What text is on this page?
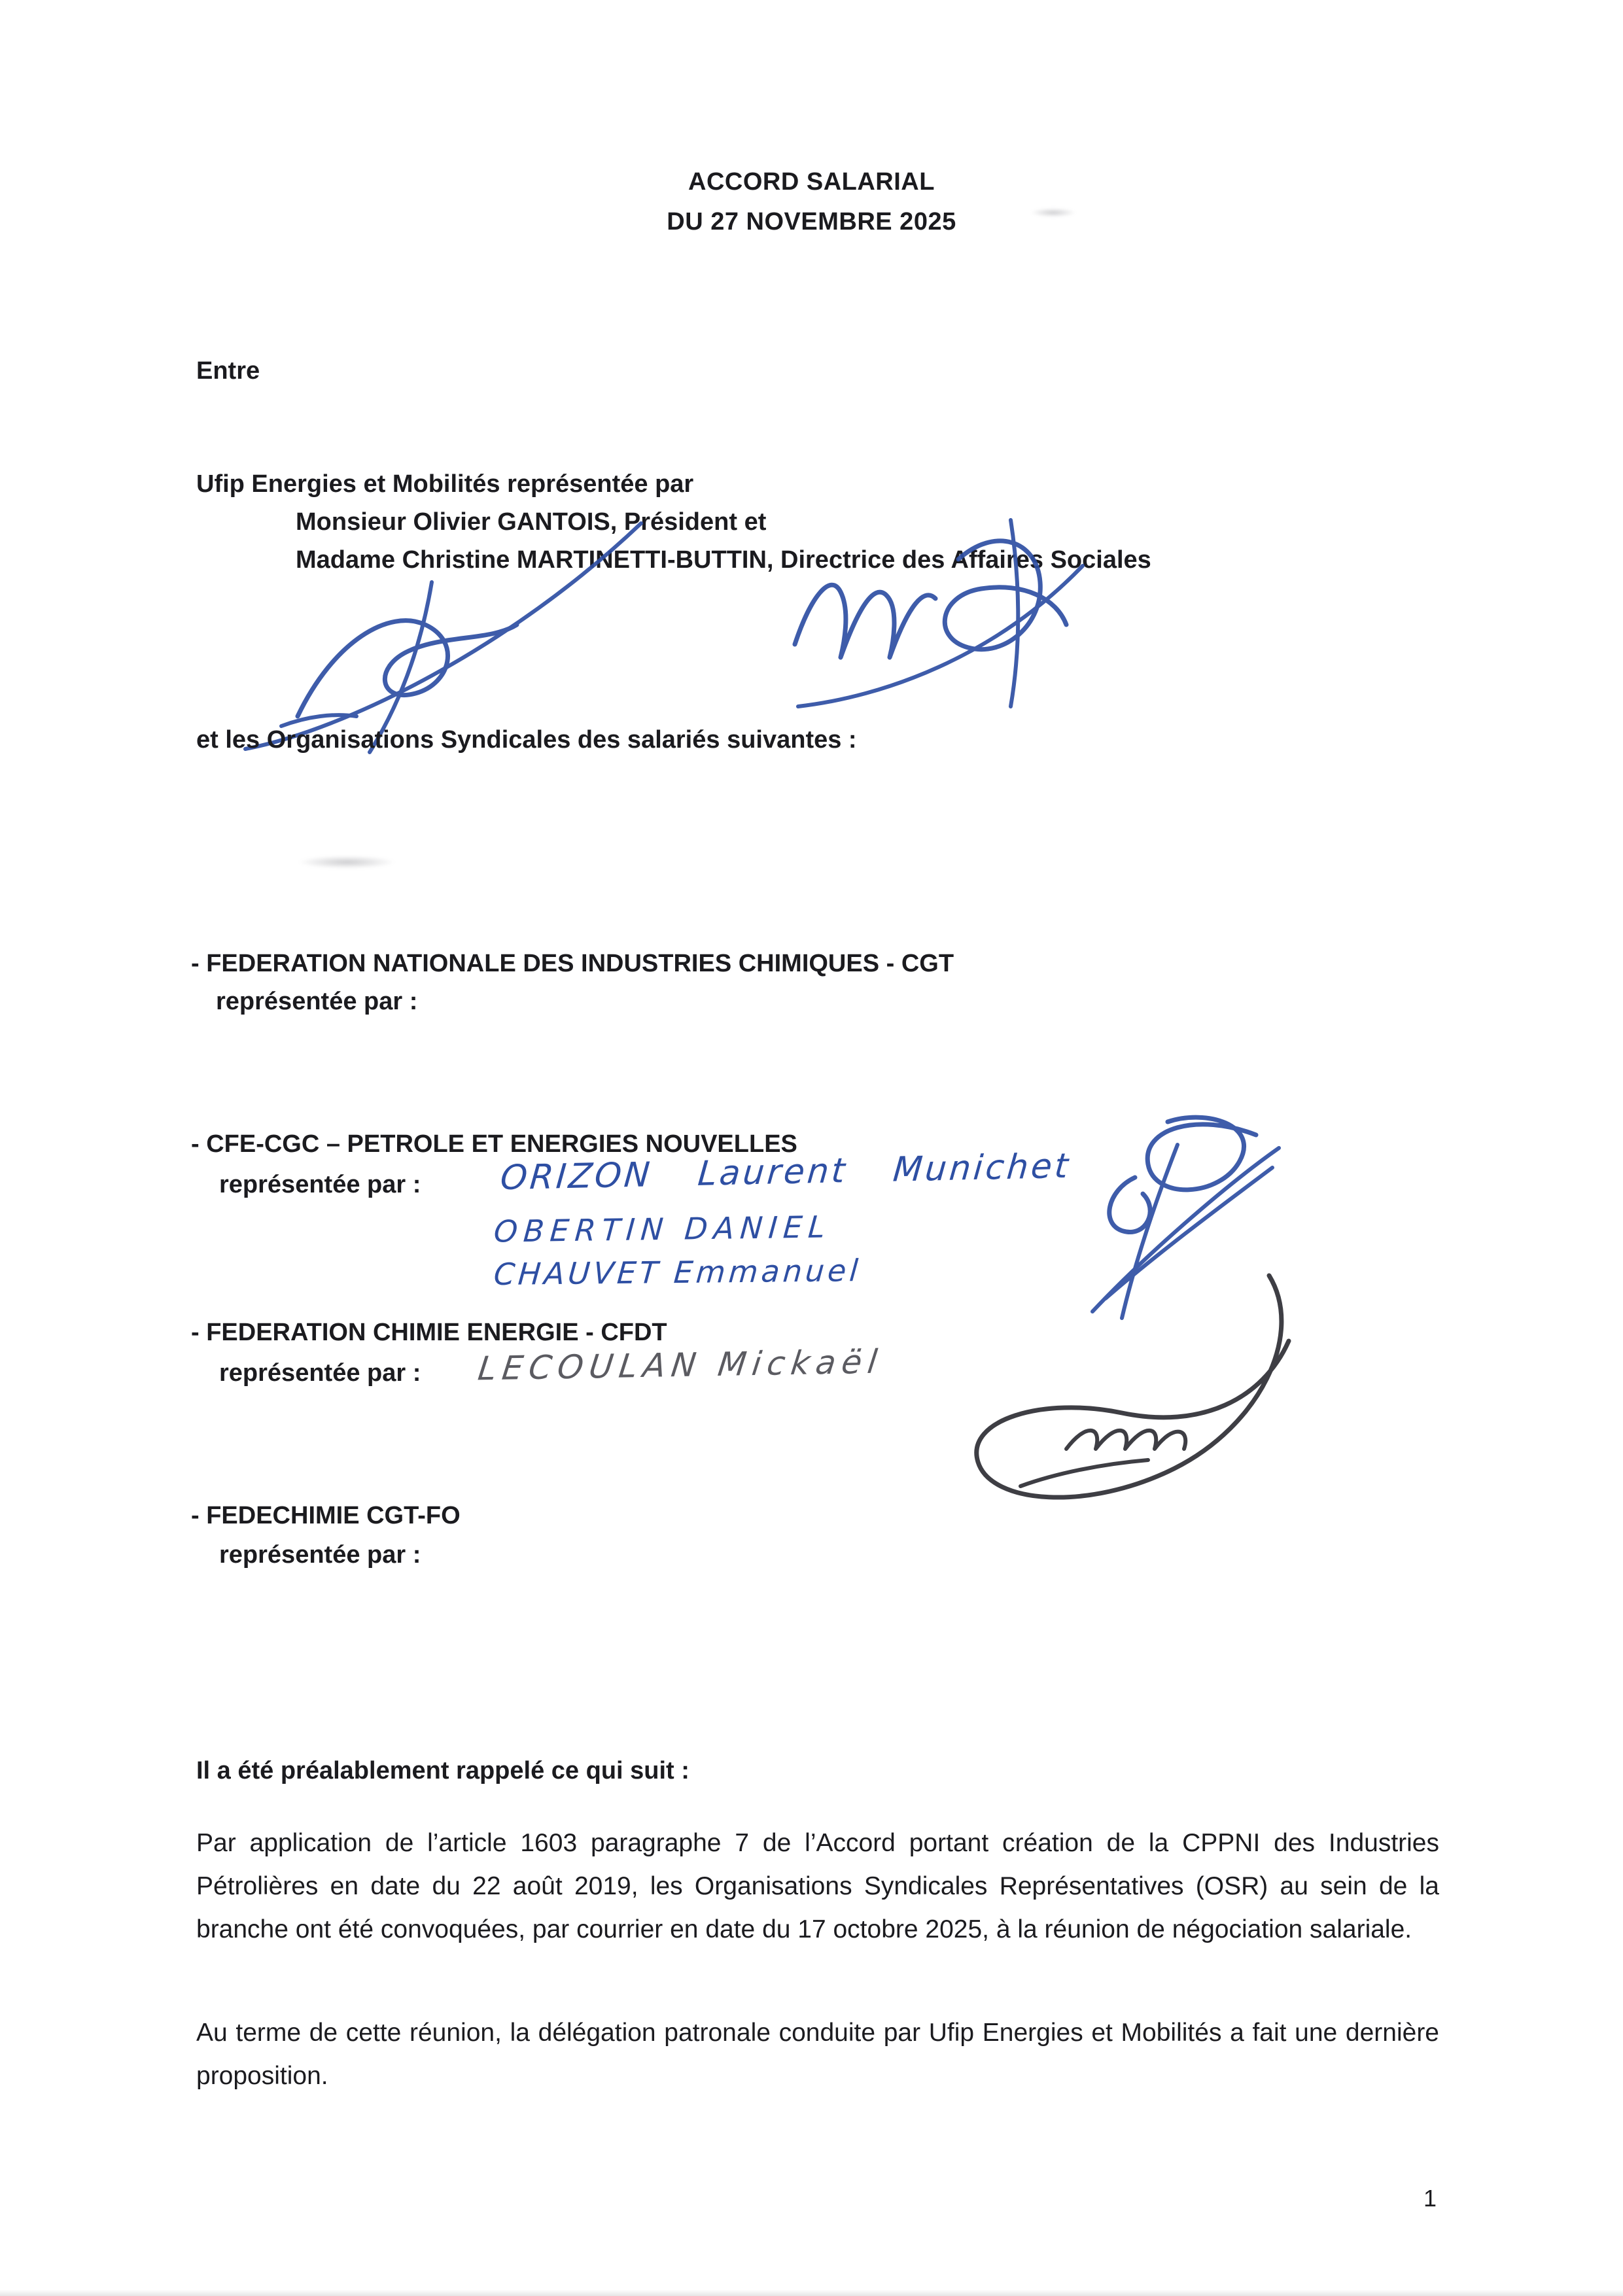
ACCORD SALARIAL
DU 27 NOVEMBRE 2025
Entre
Ufip Energies et Mobilités représentée par
Monsieur Olivier GANTOIS, Président et
Madame Christine MARTINETTI-BUTTIN, Directrice des Affaires Sociales
et les Organisations Syndicales des salariés suivantes :
- FEDERATION NATIONALE DES INDUSTRIES CHIMIQUES - CGT
représentée par :
- CFE-CGC – PETROLE ET ENERGIES NOUVELLES
représentée par : ORIZON Laurent Munichet
OBERTIN DANIEL
CHAUVET Emmanuel
- FEDERATION CHIMIE ENERGIE - CFDT
représentée par : LECOULAN Mickaël
- FEDECHIMIE CGT-FO
représentée par :
Il a été préalablement rappelé ce qui suit :
Par application de l’article 1603 paragraphe 7 de l’Accord portant création de la CPPNI des Industries Pétrolières en date du 22 août 2019, les Organisations Syndicales Représentatives (OSR) au sein de la branche ont été convoquées, par courrier en date du 17 octobre 2025, à la réunion de négociation salariale.
Au terme de cette réunion, la délégation patronale conduite par Ufip Energies et Mobilités a fait une dernière proposition.
1
